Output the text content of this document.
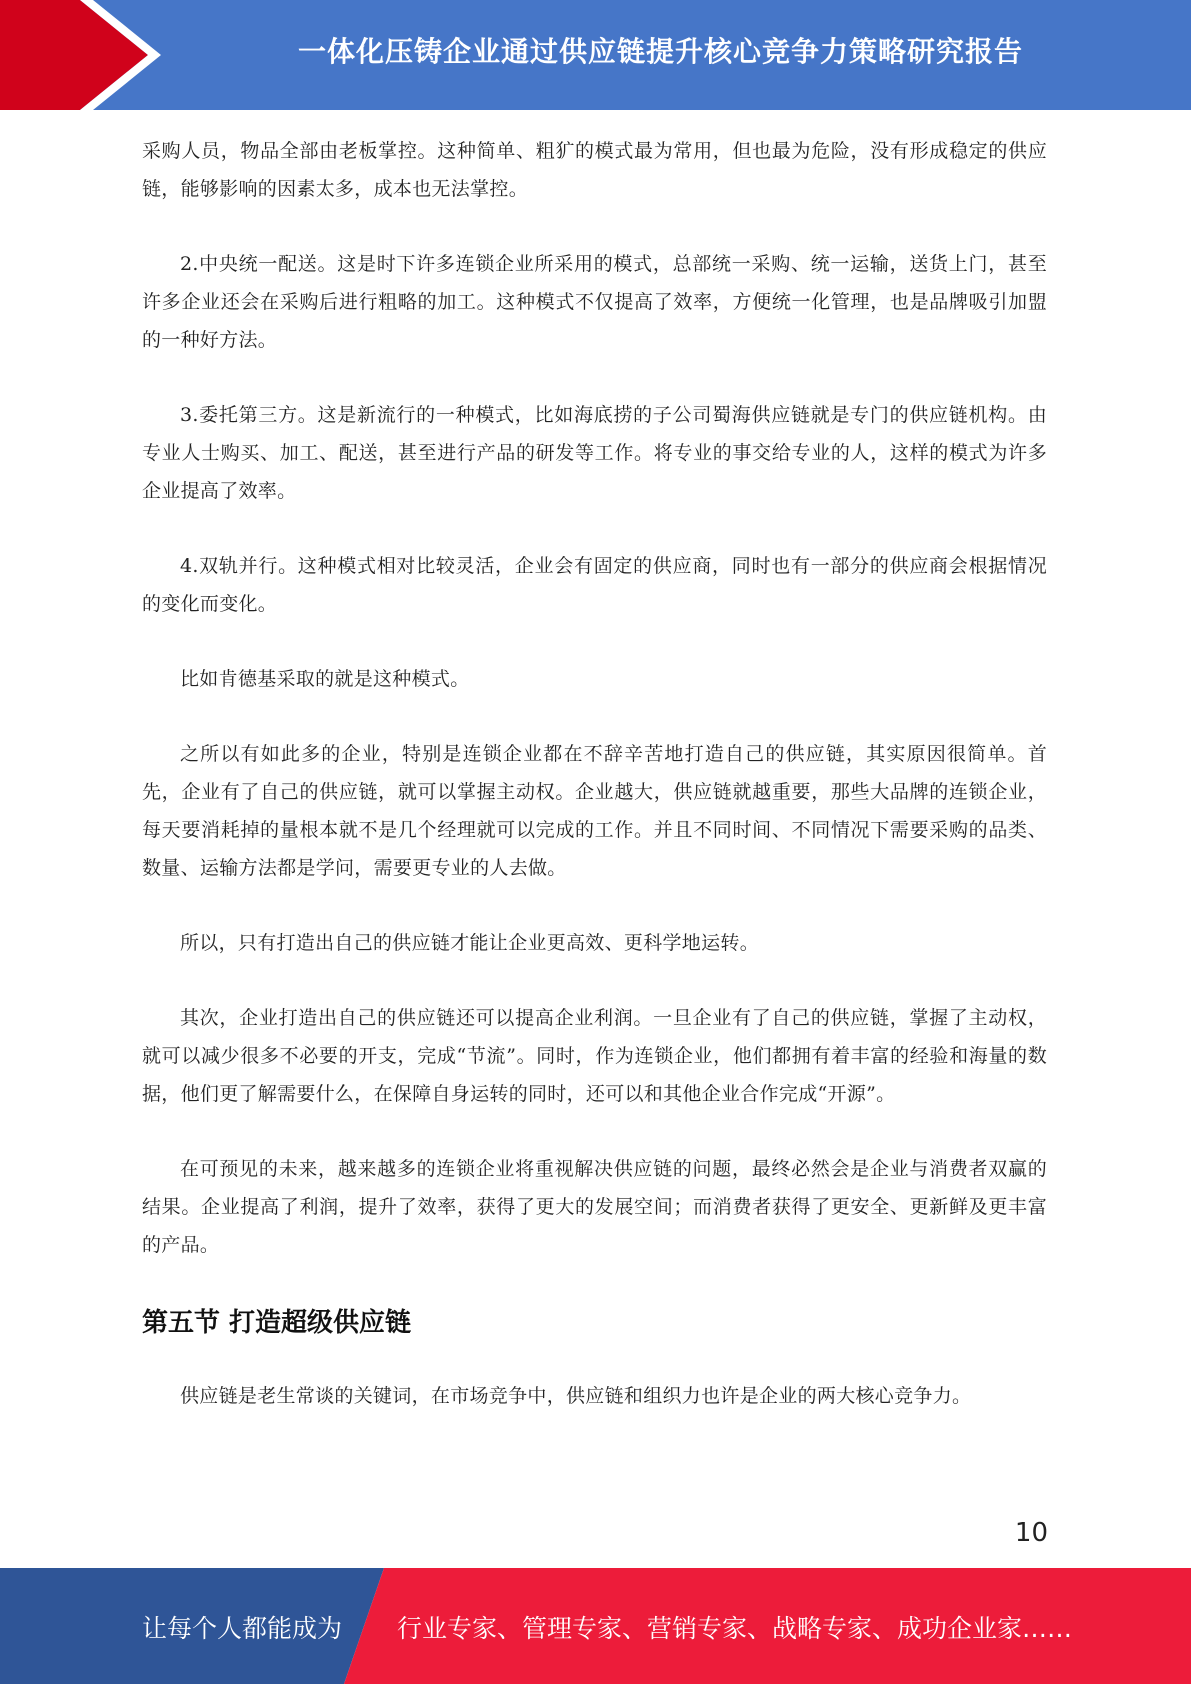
一体化压铸企业通过供应链提升核心竞争力策略研究报告

采购人员，物品全部由老板掌控。这种简单、粗犷的模式最为常用，但也最为危险，没有形成稳定的供应链，能够影响的因素太多，成本也无法掌控。

2.中央统一配送。这是时下许多连锁企业所采用的模式，总部统一采购、统一运输，送货上门，甚至许多企业还会在采购后进行粗略的加工。这种模式不仅提高了效率，方便统一化管理，也是品牌吸引加盟的一种好方法。

3.委托第三方。这是新流行的一种模式，比如海底捞的子公司蜀海供应链就是专门的供应链机构。由专业人士购买、加工、配送，甚至进行产品的研发等工作。将专业的事交给专业的人，这样的模式为许多企业提高了效率。

4.双轨并行。这种模式相对比较灵活，企业会有固定的供应商，同时也有一部分的供应商会根据情况的变化而变化。

比如肯德基采取的就是这种模式。

之所以有如此多的企业，特别是连锁企业都在不辞辛苦地打造自己的供应链，其实原因很简单。首先，企业有了自己的供应链，就可以掌握主动权。企业越大，供应链就越重要，那些大品牌的连锁企业，每天要消耗掉的量根本就不是几个经理就可以完成的工作。并且不同时间、不同情况下需要采购的品类、数量、运输方法都是学问，需要更专业的人去做。

所以，只有打造出自己的供应链才能让企业更高效、更科学地运转。

其次，企业打造出自己的供应链还可以提高企业利润。一旦企业有了自己的供应链，掌握了主动权，就可以减少很多不必要的开支，完成“节流”。同时，作为连锁企业，他们都拥有着丰富的经验和海量的数据，他们更了解需要什么，在保障自身运转的同时，还可以和其他企业合作完成“开源”。

在可预见的未来，越来越多的连锁企业将重视解决供应链的问题，最终必然会是企业与消费者双赢的结果。企业提高了利润，提升了效率，获得了更大的发展空间；而消费者获得了更安全、更新鲜及更丰富的产品。

第五节 打造超级供应链

供应链是老生常谈的关键词，在市场竞争中，供应链和组织力也许是企业的两大核心竞争力。

10
让每个人都能成为 行业专家、管理专家、营销专家、战略专家、成功企业家……
